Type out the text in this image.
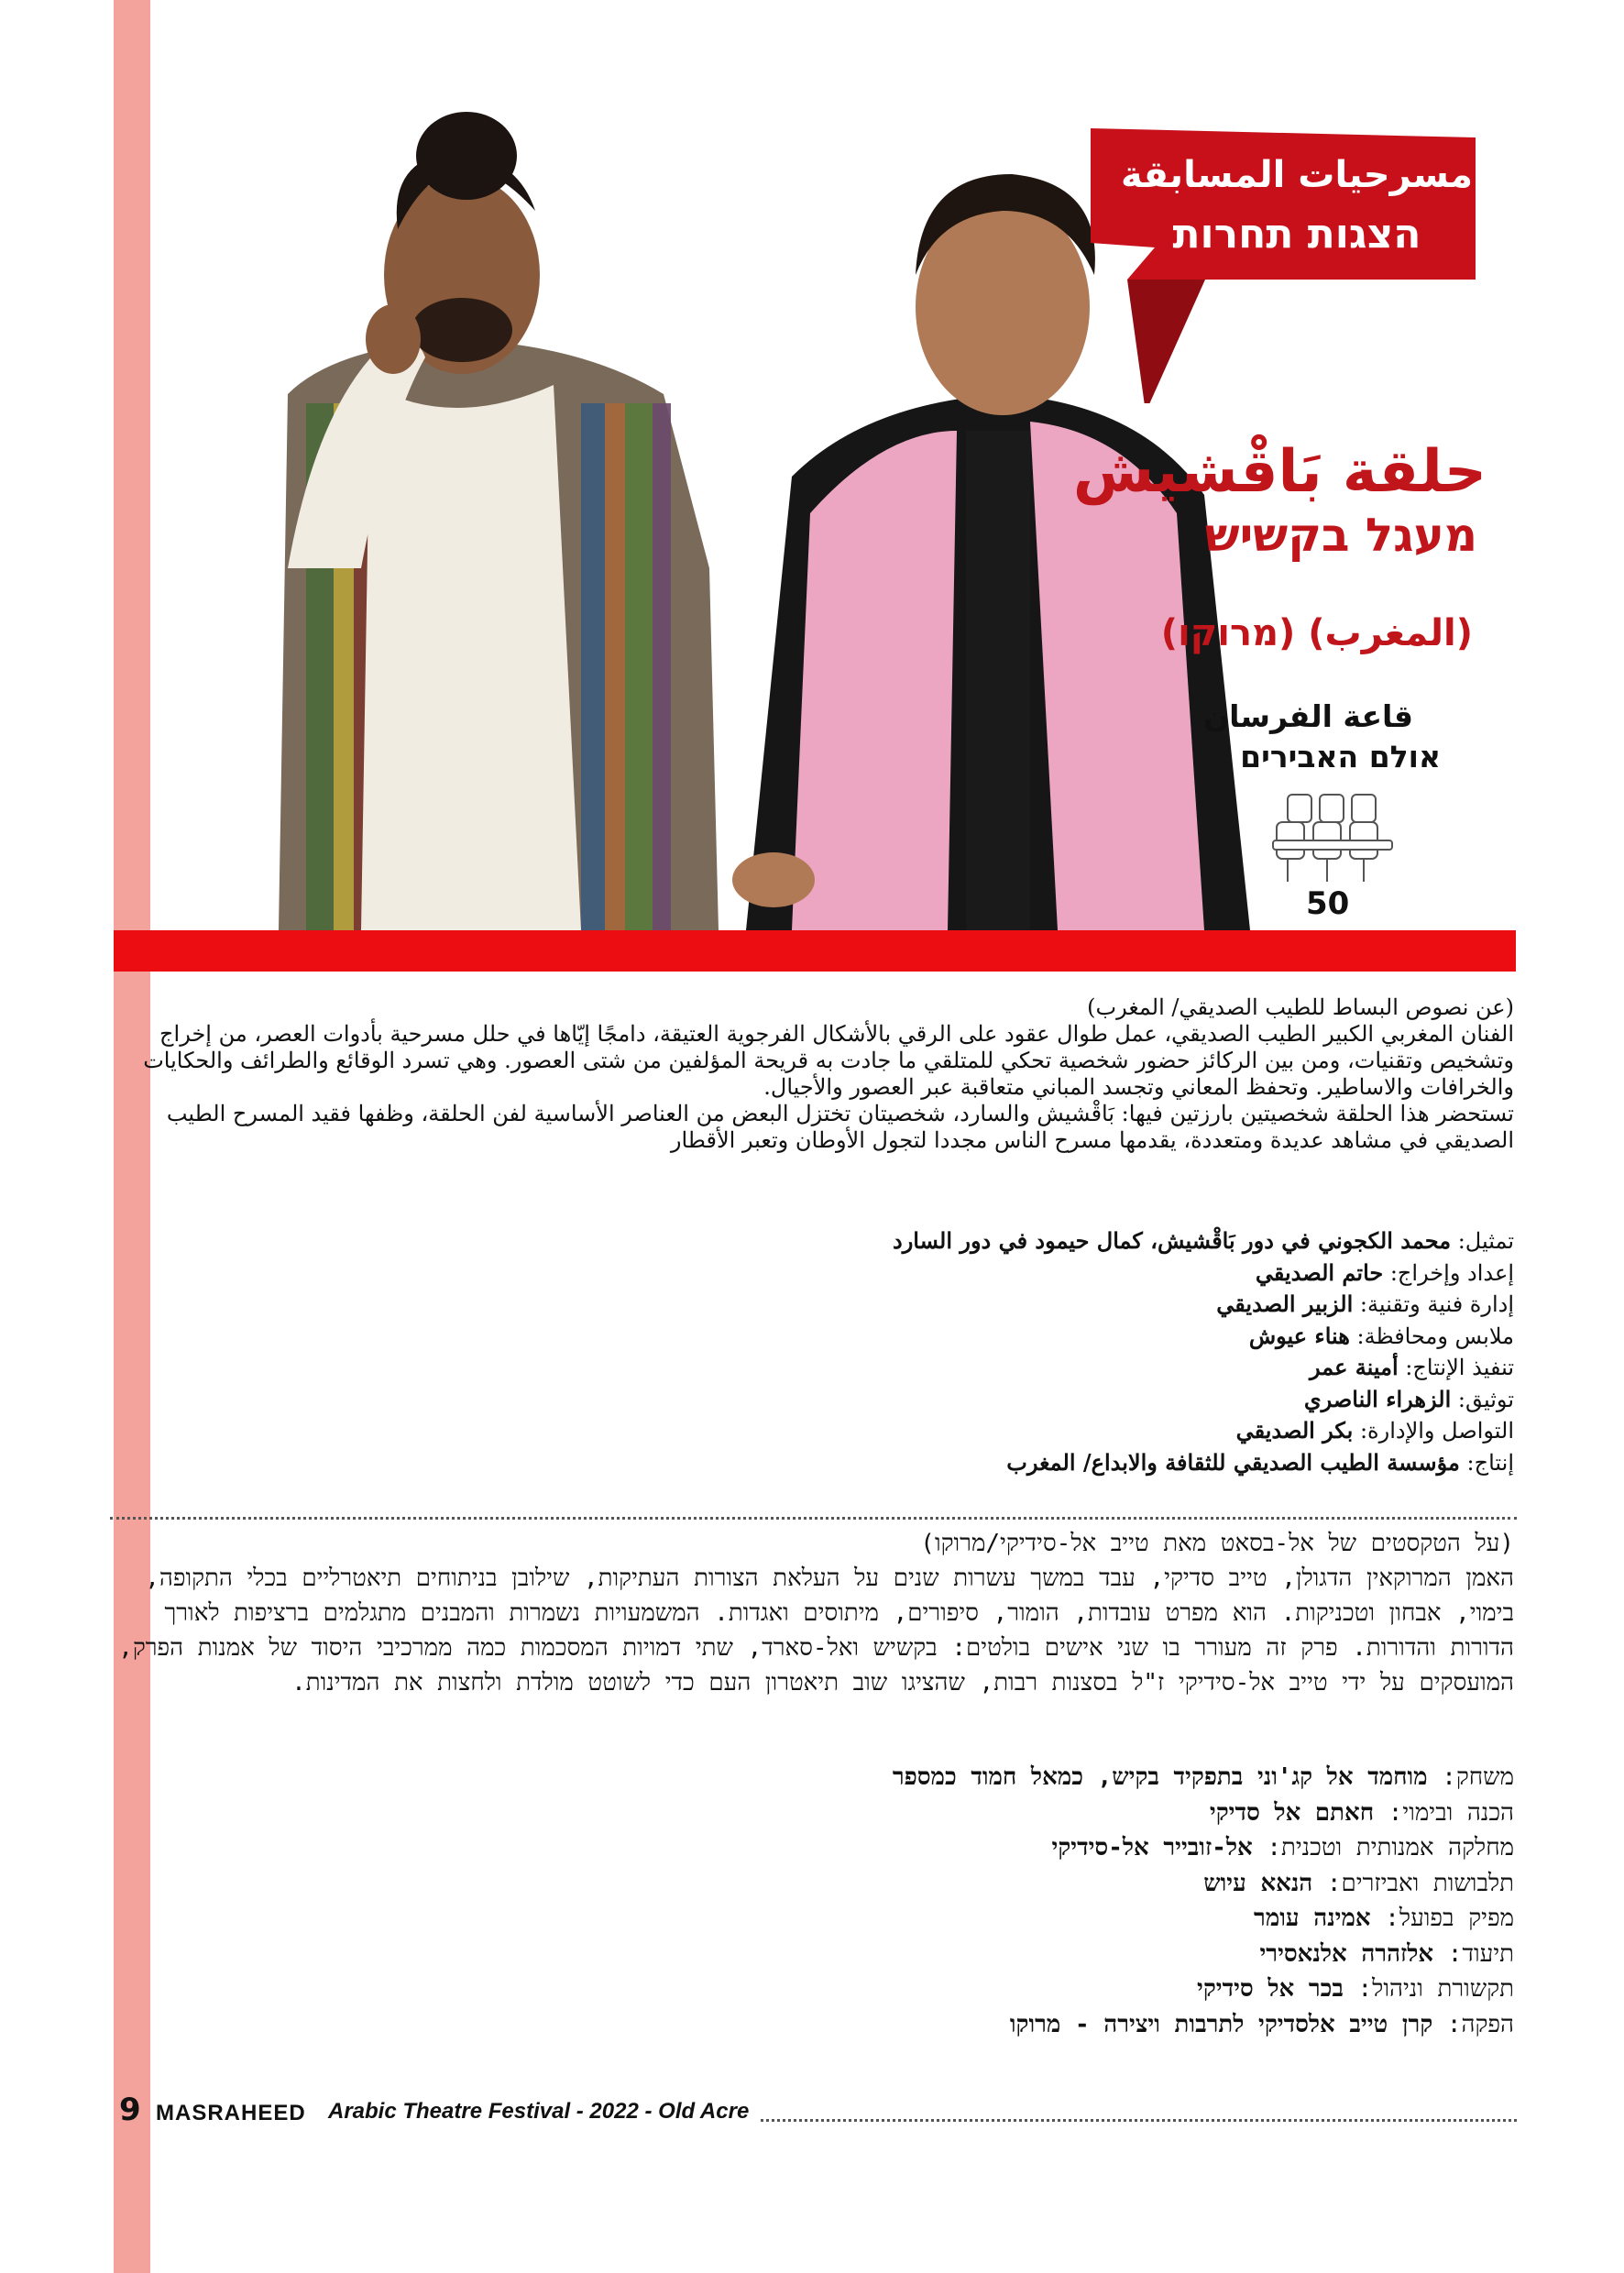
مسرحيات المسابقة
הצגות תחרות
حلقة بَاقْشيش
מעגל בקשיש
(المغرب) (מרוקו)
قاعة الفرسان
אולם האבירים
50

(عن نصوص البساط للطيب الصديقي/ المغرب)

الفنان المغربي الكبير الطيب الصديقي، عمل طوال عقود على الرقي بالأشكال الفرجوية العتيقة، دامجًا إيّاها في حلل مسرحية بأدوات العصر، من إخراج وتشخيص وتقنيات، ومن بين الركائز حضور شخصية تحكي للمتلقي ما جادت به قريحة المؤلفين من شتى العصور. وهي تسرد الوقائع والطرائف والحكايات والخرافات والاساطير. وتحفظ المعاني وتجسد المباني متعاقبة عبر العصور والأجيال.

تستحضر هذا الحلقة شخصيتين بارزتين فيها: بَاقْشيش والسارد، شخصيتان تختزل البعض من العناصر الأساسية لفن الحلقة، وظفها فقيد المسرح الطيب الصديقي في مشاهد عديدة ومتعددة، يقدمها مسرح الناس مجددا لتجول الأوطان وتعبر الأقطار

تمثيل: محمد الكجوني في دور بَاقْشيش، كمال حيمود في دور السارد
إعداد وإخراج: حاتم الصديقي
إدارة فنية وتقنية: الزبير الصديقي
ملابس ومحافظة: هناء عيوش
تنفيذ الإنتاج: أمينة عمر
توثيق: الزهراء الناصري
التواصل والإدارة: بكر الصديقي
إنتاج: مؤسسة الطيب الصديقي للثقافة والابداع/ المغرب

(על הטקסטים של אל-בסאט מאת טייב אל-סידיקי/מרוקו)

האמן המרוקאין הדגולן, טייב סדיקי, עבד במשך עשרות שנים על העלאת הצורות העתיקות, שילובן בניתוחים תיאטרליים בכלי התקופה, בימוי, אבחון וטכניקות. הוא מפרט עובדות, הומור, סיפורים, מיתוסים ואגדות. המשמעויות נשמרות והמבנים מתגלמים ברציפות לאורך הדורות והדורות. פרק זה מעורר בו שני אישים בולטים: בקשיש ואל-סארד, שתי דמויות המסכמות כמה ממרכיבי היסוד של אמנות הפרק, המועסקים על ידי טייב אל-סידיקי ז"ל בסצנות רבות, שהציגו שוב תיאטרון העם כדי לשוטט מולדת ולחצות את המדינות.

משחק: מוחמד אל קג'וני בתפקיד בקיש, כמאל חמוד כמספר
הכנה ובימוי: חאתם אל סדיקי
מחלקה אמנותית וטכנית: אל-זובייר אל-סידיקי
תלבושות ואביזרים: הנאא עיוש
מפיק בפועל: אמינה עומר
תיעוד: אלזהרה אלנאסירי
תקשורת וניהול: בכר אל סידיקי
הפקה: קרן טייב אלסדיקי לתרבות ויצירה - מרוקו
9 MASRAHEED Arabic Theatre Festival - 2022 - Old Acre
